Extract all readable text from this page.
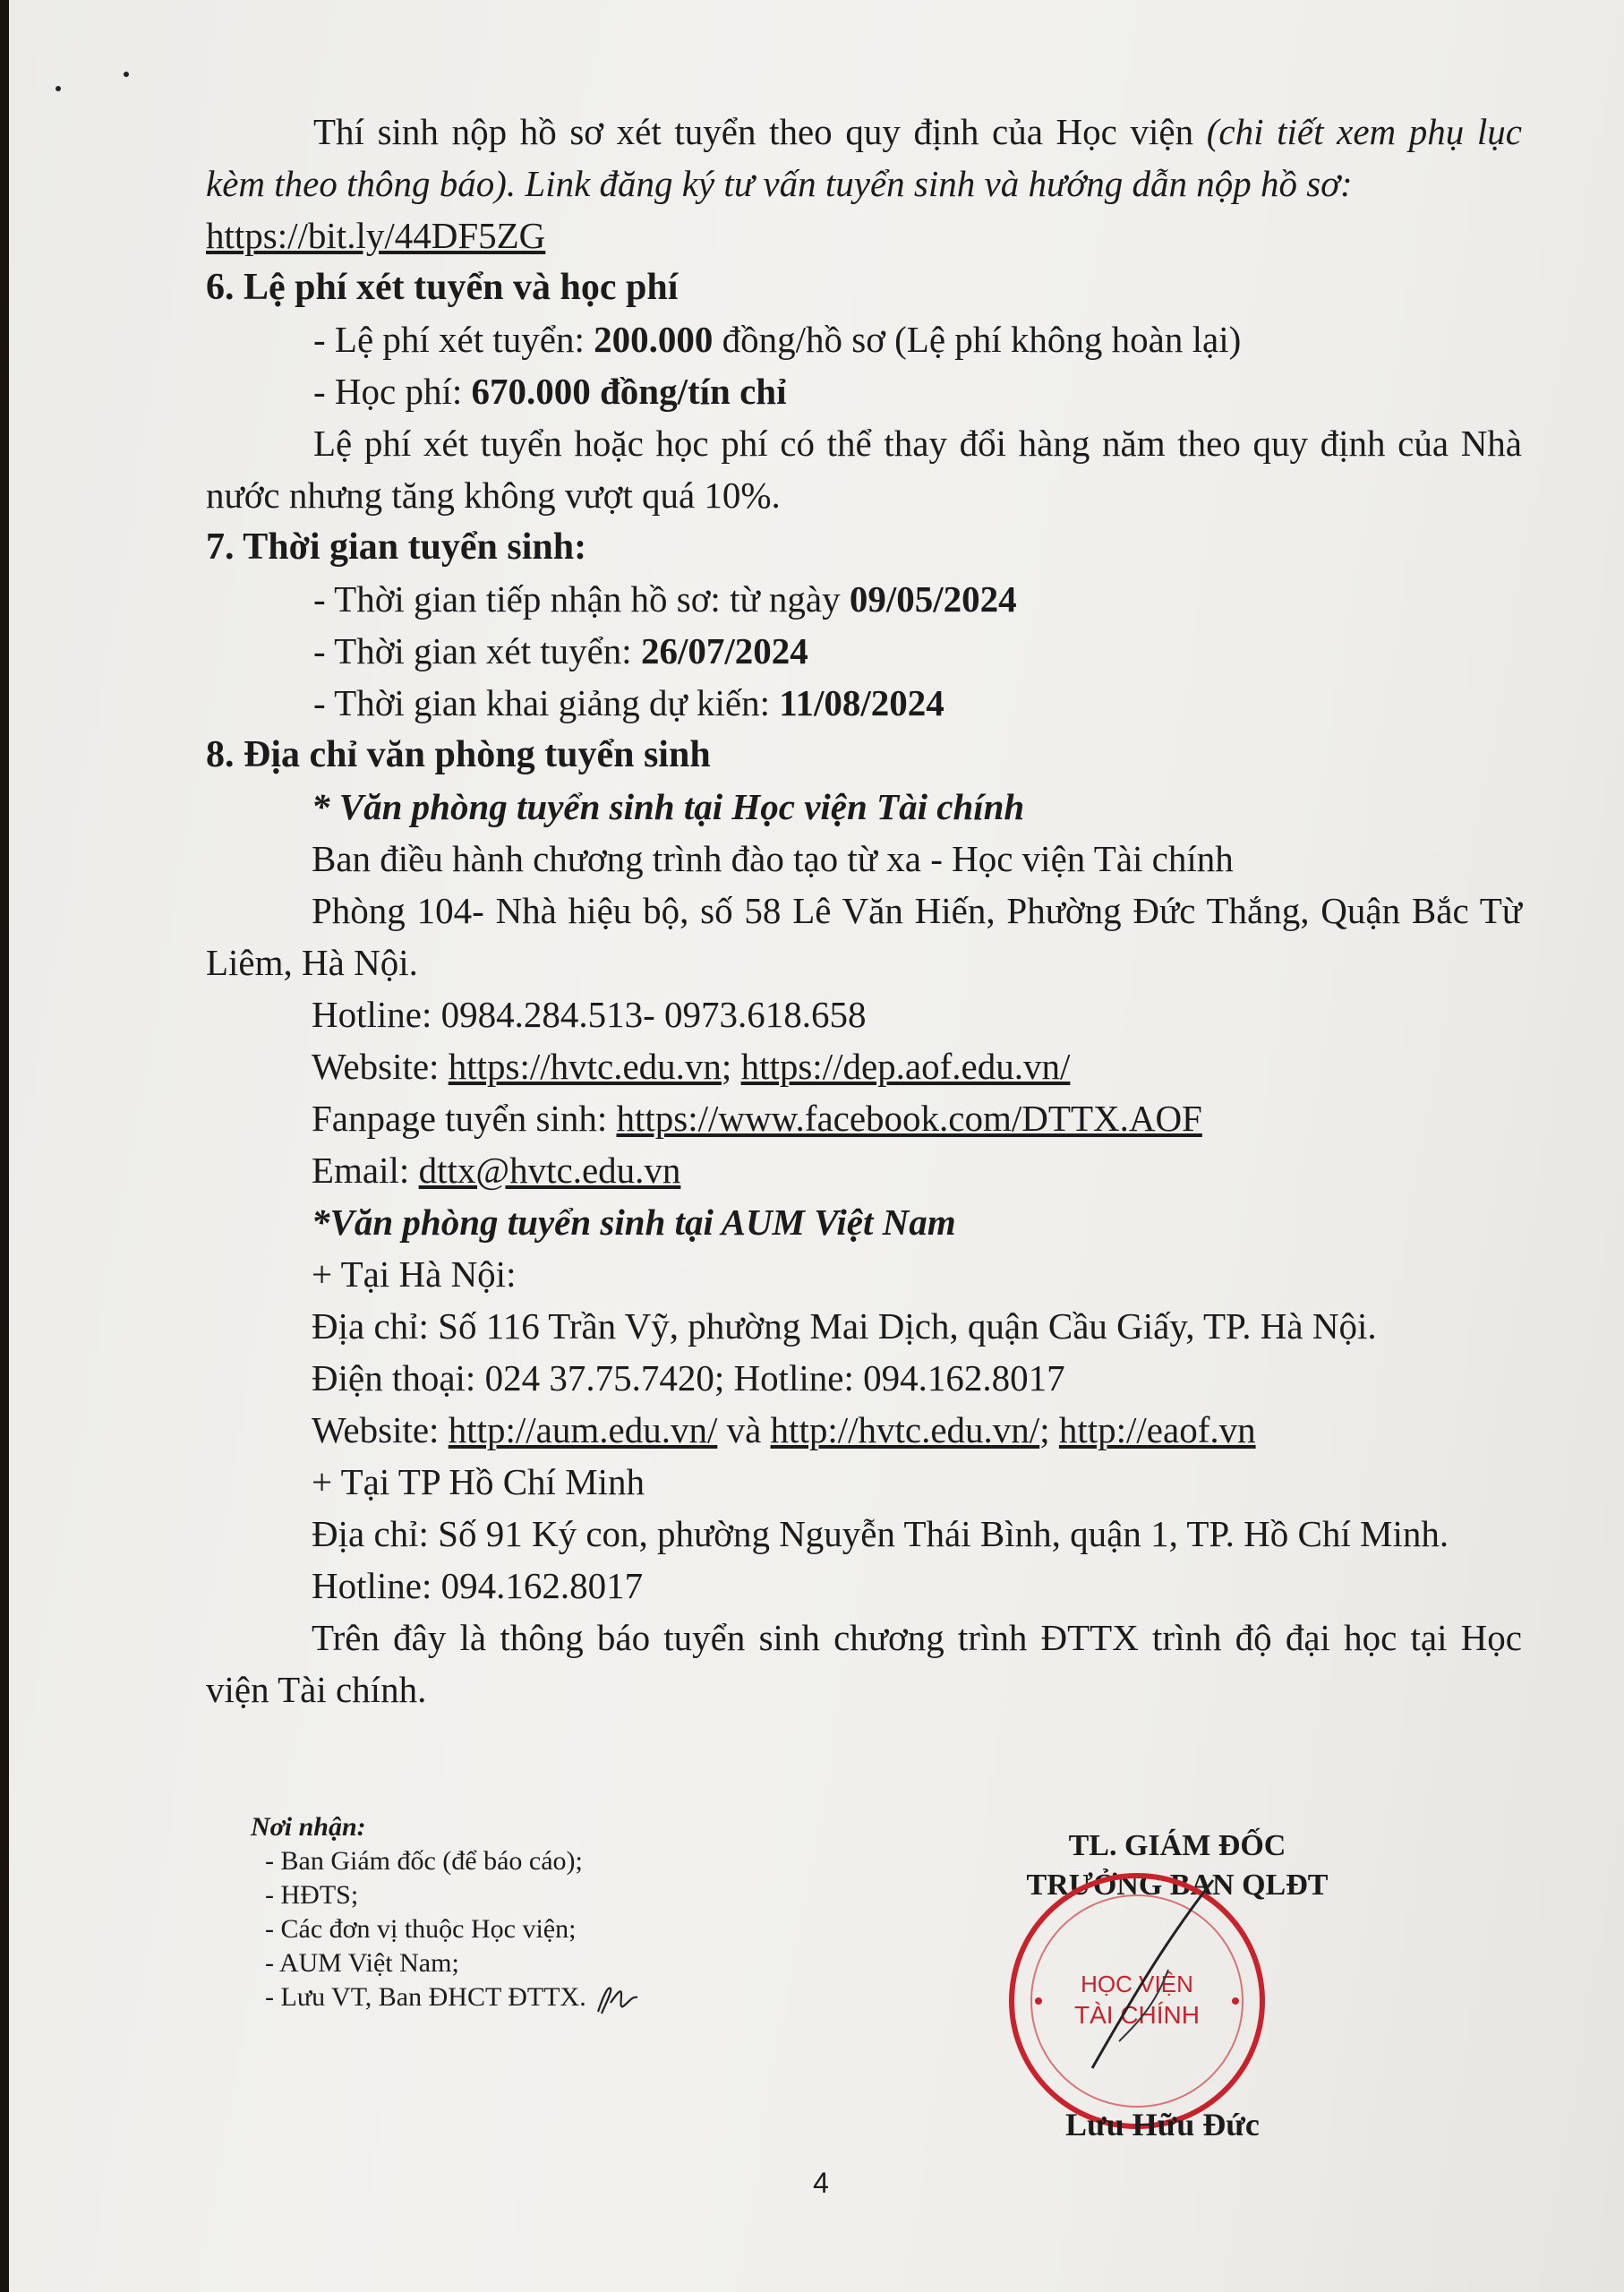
Thí sinh nộp hồ sơ xét tuyển theo quy định của Học viện (chi tiết xem phụ lục kèm theo thông báo). Link đăng ký tư vấn tuyển sinh và hướng dẫn nộp hồ sơ:

https://bit.ly/44DF5ZG

6. Lệ phí xét tuyển và học phí

- Lệ phí xét tuyển: 200.000 đồng/hồ sơ (Lệ phí không hoàn lại)

- Học phí: 670.000 đồng/tín chỉ

Lệ phí xét tuyển hoặc học phí có thể thay đổi hàng năm theo quy định của Nhà nước nhưng tăng không vượt quá 10%.

7. Thời gian tuyển sinh:

- Thời gian tiếp nhận hồ sơ: từ ngày 09/05/2024

- Thời gian xét tuyển: 26/07/2024

- Thời gian khai giảng dự kiến: 11/08/2024

8. Địa chỉ văn phòng tuyển sinh

* Văn phòng tuyển sinh tại Học viện Tài chính

Ban điều hành chương trình đào tạo từ xa - Học viện Tài chính

Phòng 104- Nhà hiệu bộ, số 58 Lê Văn Hiến, Phường Đức Thắng, Quận Bắc Từ Liêm, Hà Nội.

Hotline: 0984.284.513- 0973.618.658

Website: https://hvtc.edu.vn; https://dep.aof.edu.vn/

Fanpage tuyển sinh: https://www.facebook.com/DTTX.AOF

Email: dttx@hvtc.edu.vn

*Văn phòng tuyển sinh tại AUM Việt Nam

+ Tại Hà Nội:

Địa chỉ: Số 116 Trần Vỹ, phường Mai Dịch, quận Cầu Giấy, TP. Hà Nội.

Điện thoại: 024 37.75.7420; Hotline: 094.162.8017

Website: http://aum.edu.vn/ và http://hvtc.edu.vn/; http://eaof.vn

+ Tại TP Hồ Chí Minh

Địa chỉ: Số 91 Ký con, phường Nguyễn Thái Bình, quận 1, TP. Hồ Chí Minh.

Hotline: 094.162.8017

Trên đây là thông báo tuyển sinh chương trình ĐTTX trình độ đại học tại Học viện Tài chính.

Nơi nhận:
- Ban Giám đốc (để báo cáo);
- HĐTS;
- Các đơn vị thuộc Học viện;
- AUM Việt Nam;
- Lưu VT, Ban ĐHCT ĐTTX.
TL. GIÁM ĐỐC
TRƯỞNG BAN QLĐT
HỌC VIỆN
TÀI CHÍNH
Lưu Hữu Đức
4
